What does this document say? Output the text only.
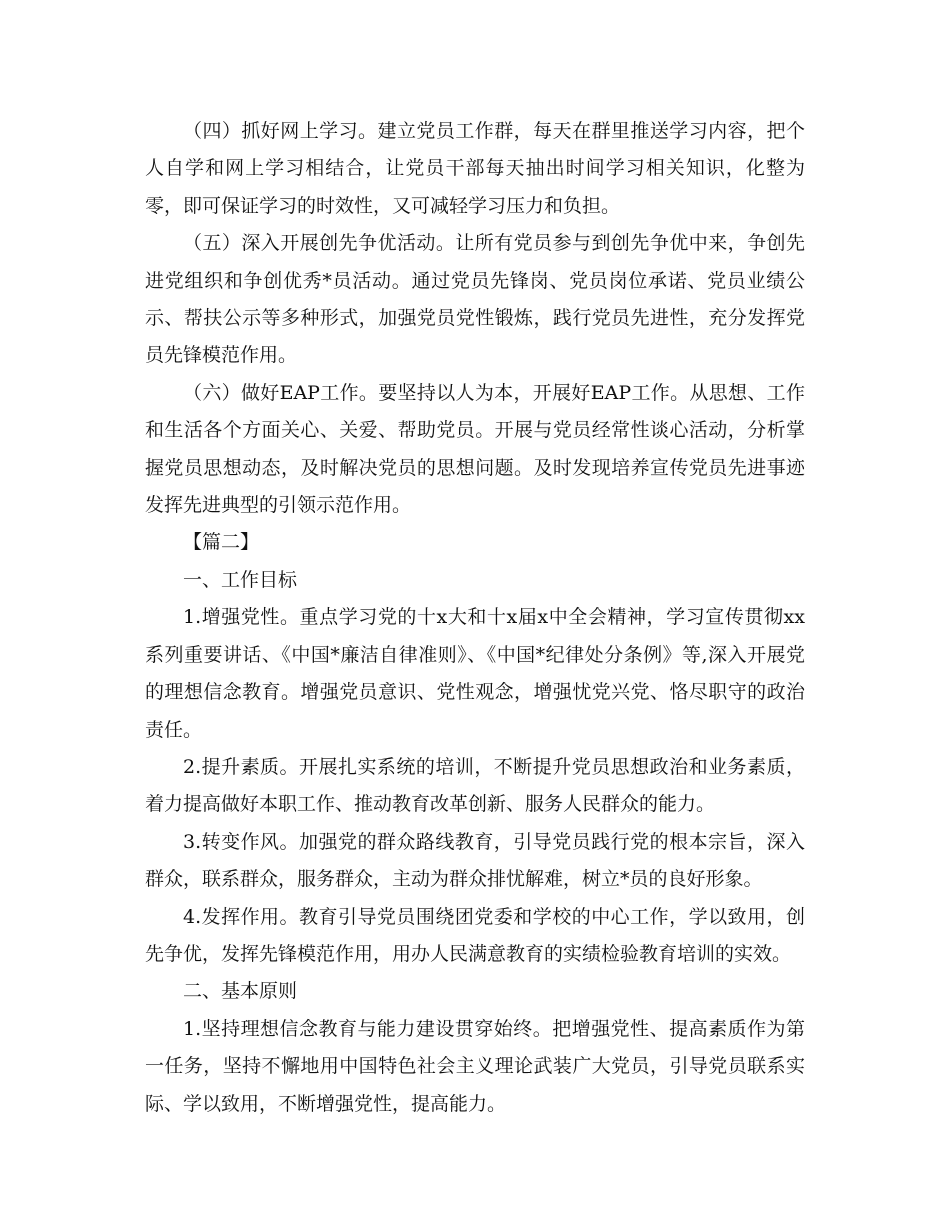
（四）抓好网上学习。建立党员工作群，每天在群里推送学习内容，把个人自学和网上学习相结合，让党员干部每天抽出时间学习相关知识，化整为零，即可保证学习的时效性，又可减轻学习压力和负担。

（五）深入开展创先争优活动。让所有党员参与到创先争优中来，争创先进党组织和争创优秀*员活动。通过党员先锋岗、党员岗位承诺、党员业绩公示、帮扶公示等多种形式，加强党员党性锻炼，践行党员先进性，充分发挥党员先锋模范作用。

（六）做好EAP工作。要坚持以人为本，开展好EAP工作。从思想、工作和生活各个方面关心、关爱、帮助党员。开展与党员经常性谈心活动，分析掌握党员思想动态，及时解决党员的思想问题。及时发现培养宣传党员先进事迹发挥先进典型的引领示范作用。

【篇二】

一、工作目标

1.增强党性。重点学习党的十x大和十x届x中全会精神，学习宣传贯彻xx系列重要讲话、《中国*廉洁自律准则》、《中国*纪律处分条例》等,深入开展党的理想信念教育。增强党员意识、党性观念，增强忧党兴党、恪尽职守的政治责任。

2.提升素质。开展扎实系统的培训，不断提升党员思想政治和业务素质，着力提高做好本职工作、推动教育改革创新、服务人民群众的能力。

3.转变作风。加强党的群众路线教育，引导党员践行党的根本宗旨，深入群众，联系群众，服务群众，主动为群众排忧解难，树立*员的良好形象。

4.发挥作用。教育引导党员围绕团党委和学校的中心工作，学以致用，创先争优，发挥先锋模范作用，用办人民满意教育的实绩检验教育培训的实效。

二、基本原则

1.坚持理想信念教育与能力建设贯穿始终。把增强党性、提高素质作为第一任务，坚持不懈地用中国特色社会主义理论武装广大党员，引导党员联系实际、学以致用，不断增强党性，提高能力。
